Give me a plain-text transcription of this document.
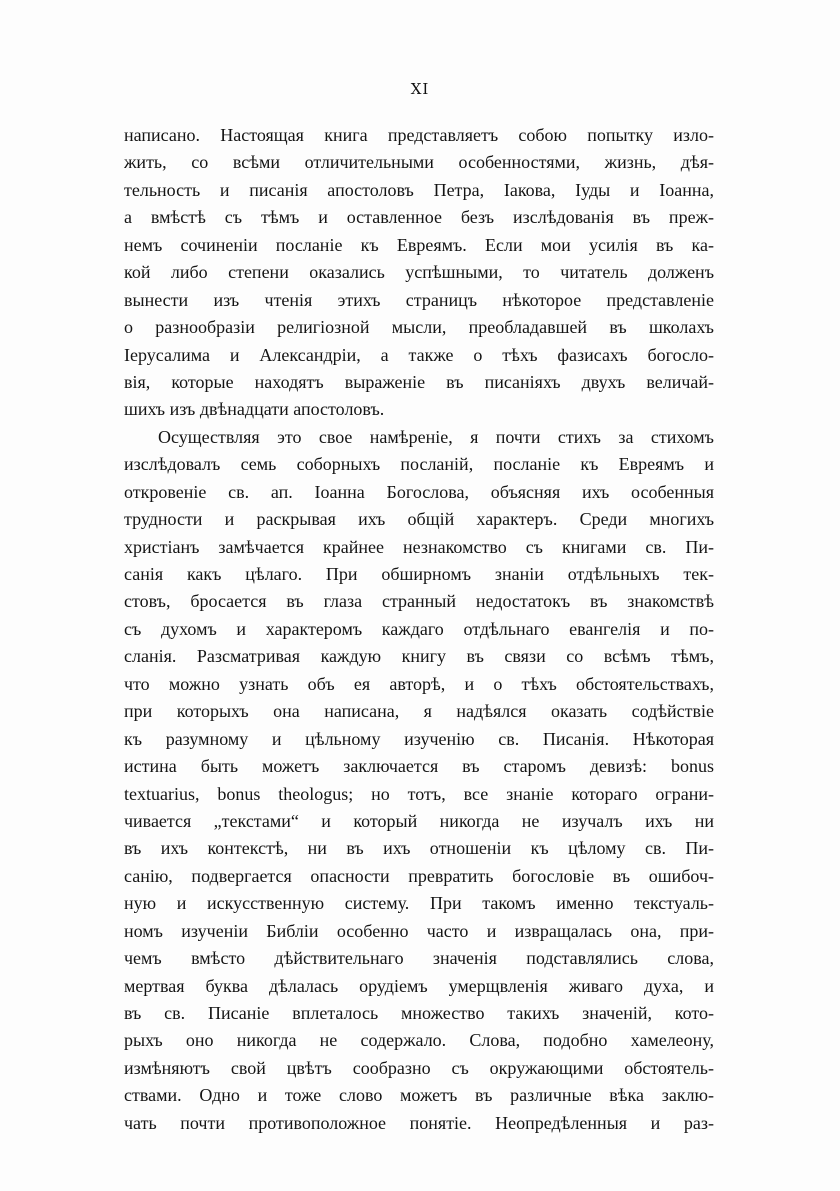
XI
написано. Настоящая книга представляетъ собою попытку изло-
жить, со всѣми отличительными особенностями, жизнь, дѣя-
тельность и писанія апостоловъ Петра, Іакова, Іуды и Іоанна,
а вмѣстѣ съ тѣмъ и оставленное безъ изслѣдованія въ преж-
немъ сочиненіи посланіе къ Евреямъ. Если мои усилія въ ка-
кой либо степени оказались успѣшными, то читатель долженъ
вынести изъ чтенія этихъ страницъ нѣкоторое представленіе
о разнообразіи религіозной мысли, преобладавшей въ школахъ
Іерусалима и Александріи, а также о тѣхъ фазисахъ богосло-
вія, которые находятъ выраженіе въ писаніяхъ двухъ величай-
шихъ изъ двѣнадцати апостоловъ.
Осуществляя это свое намѣреніе, я почти стихъ за стихомъ
изслѣдовалъ семь соборныхъ посланій, посланіе къ Евреямъ и
откровеніе св. ап. Іоанна Богослова, объясняя ихъ особенныя
трудности и раскрывая ихъ общій характеръ. Среди многихъ
христіанъ замѣчается крайнее незнакомство съ книгами св. Пи-
санія какъ цѣлаго. При обширномъ знаніи отдѣльныхъ тек-
стовъ, бросается въ глаза странный недостатокъ въ знакомствѣ
съ духомъ и характеромъ каждаго отдѣльнаго евангелія и по-
сланія. Разсматривая каждую книгу въ связи со всѣмъ тѣмъ,
что можно узнать объ ея авторѣ, и о тѣхъ обстоятельствахъ,
при которыхъ она написана, я надѣялся оказать содѣйствіе
къ разумному и цѣльному изученію св. Писанія. Нѣкоторая
истина быть можетъ заключается въ старомъ девизѣ: bonus
textuarius, bonus theologus; но тотъ, все знаніе котораго ограни-
чивается „текстами“ и который никогда не изучалъ ихъ ни
въ ихъ контекстѣ, ни въ ихъ отношеніи къ цѣлому св. Пи-
санію, подвергается опасности превратить богословіе въ ошибоч-
ную и искусственную систему. При такомъ именно текстуаль-
номъ изученіи Библіи особенно часто и извращалась она, при-
чемъ вмѣсто дѣйствительнаго значенія подставлялись слова,
мертвая буква дѣлалась орудіемъ умерщвленія живаго духа, и
въ св. Писаніе вплеталось множество такихъ значеній, кото-
рыхъ оно никогда не содержало. Слова, подобно хамелеону,
измѣняютъ свой цвѣтъ сообразно съ окружающими обстоятель-
ствами. Одно и тоже слово можетъ въ различные вѣка заклю-
чать почти противоположное понятіе. Неопредѣленныя и раз-
